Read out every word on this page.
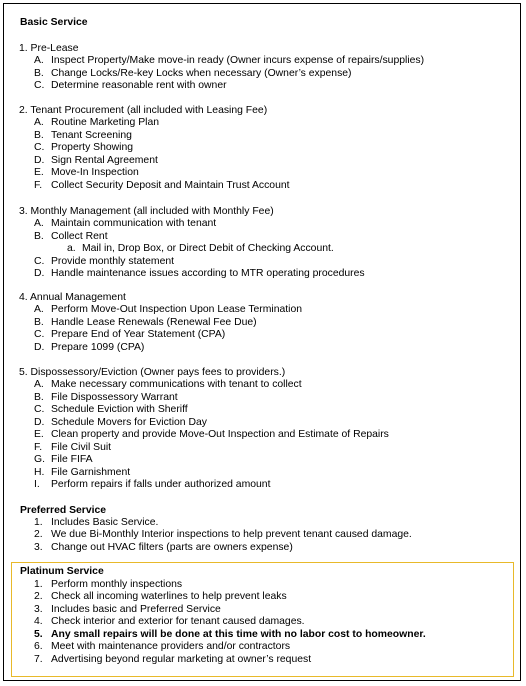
Basic Service
1. Pre-Lease
A. Inspect Property/Make move-in ready (Owner incurs expense of repairs/supplies)
B. Change Locks/Re-key Locks when necessary (Owner’s expense)
C. Determine reasonable rent with owner
2. Tenant Procurement (all included with Leasing Fee)
A. Routine Marketing Plan
B. Tenant Screening
C. Property Showing
D. Sign Rental Agreement
E. Move-In Inspection
F. Collect Security Deposit and Maintain Trust Account
3. Monthly Management (all included with Monthly Fee)
A. Maintain communication with tenant
B. Collect Rent
a. Mail in, Drop Box, or Direct Debit of Checking Account.
C. Provide monthly statement
D. Handle maintenance issues according to MTR operating procedures
4. Annual Management
A. Perform Move-Out Inspection Upon Lease Termination
B. Handle Lease Renewals (Renewal Fee Due)
C. Prepare End of Year Statement (CPA)
D. Prepare 1099 (CPA)
5. Dispossessory/Eviction (Owner pays fees to providers.)
A. Make necessary communications with tenant to collect
B. File Dispossessory Warrant
C. Schedule Eviction with Sheriff
D. Schedule Movers for Eviction Day
E. Clean property and provide Move-Out Inspection and Estimate of Repairs
F. File Civil Suit
G. File FIFA
H. File Garnishment
I. Perform repairs if falls under authorized amount
Preferred Service
1. Includes Basic Service.
2. We due Bi-Monthly Interior inspections to help prevent tenant caused damage.
3. Change out HVAC filters (parts are owners expense)
Platinum Service
1. Perform monthly inspections
2. Check all incoming waterlines to help prevent leaks
3. Includes basic and Preferred Service
4. Check interior and exterior for tenant caused damages.
5. Any small repairs will be done at this time with no labor cost to homeowner.
6. Meet with maintenance providers and/or contractors
7. Advertising beyond regular marketing at owner’s request
